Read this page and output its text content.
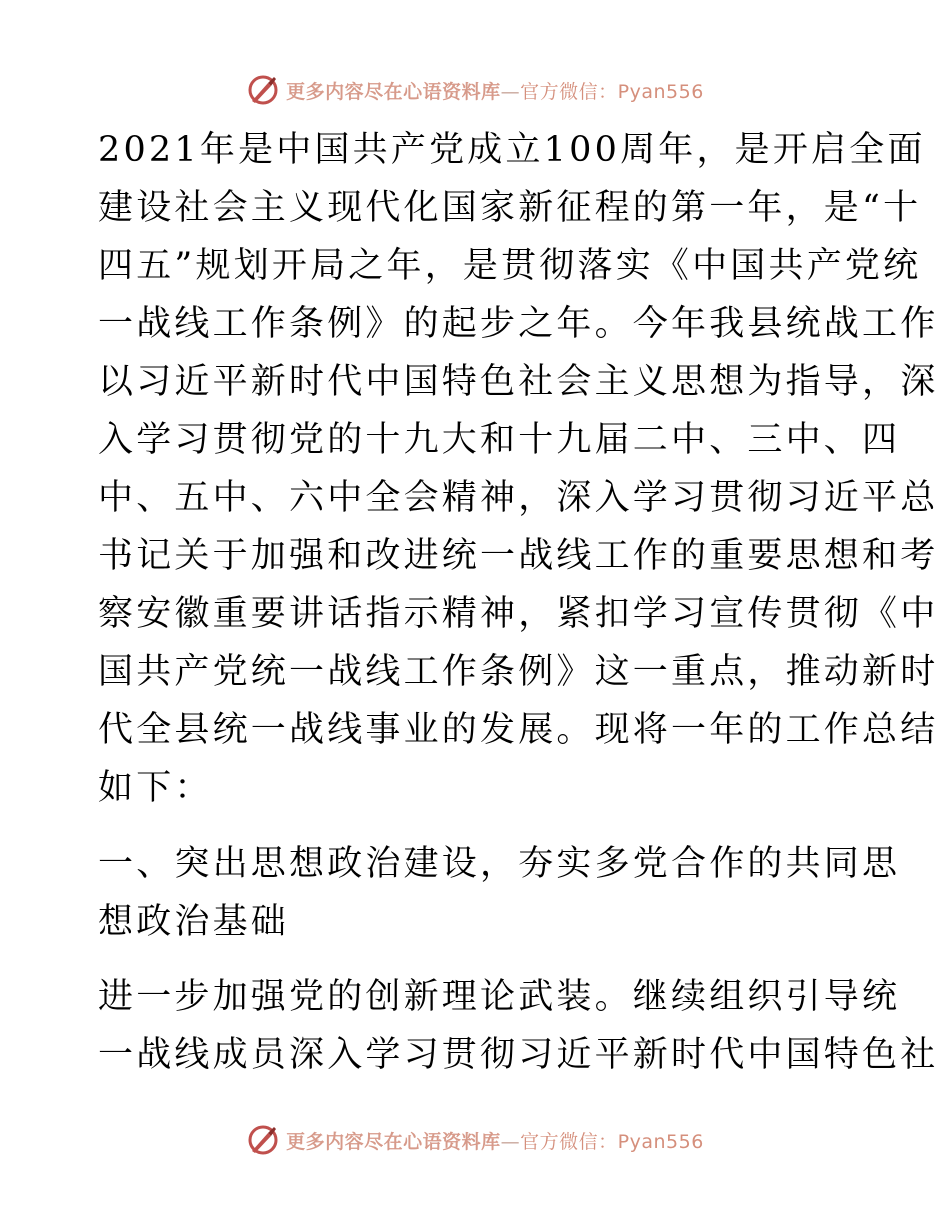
更多内容尽在心语资料库—官方微信：Pyan556
2021年是中国共产党成立100周年，是开启全面
建设社会主义现代化国家新征程的第一年，是“十
四五”规划开局之年，是贯彻落实《中国共产党统
一战线工作条例》的起步之年。今年我县统战工作
以习近平新时代中国特色社会主义思想为指导，深
入学习贯彻党的十九大和十九届二中、三中、四
中、五中、六中全会精神，深入学习贯彻习近平总
书记关于加强和改进统一战线工作的重要思想和考
察安徽重要讲话指示精神，紧扣学习宣传贯彻《中
国共产党统一战线工作条例》这一重点，推动新时
代全县统一战线事业的发展。现将一年的工作总结
如下：
一、突出思想政治建设，夯实多党合作的共同思
想政治基础
进一步加强党的创新理论武装。继续组织引导统
一战线成员深入学习贯彻习近平新时代中国特色社
更多内容尽在心语资料库—官方微信：Pyan556
